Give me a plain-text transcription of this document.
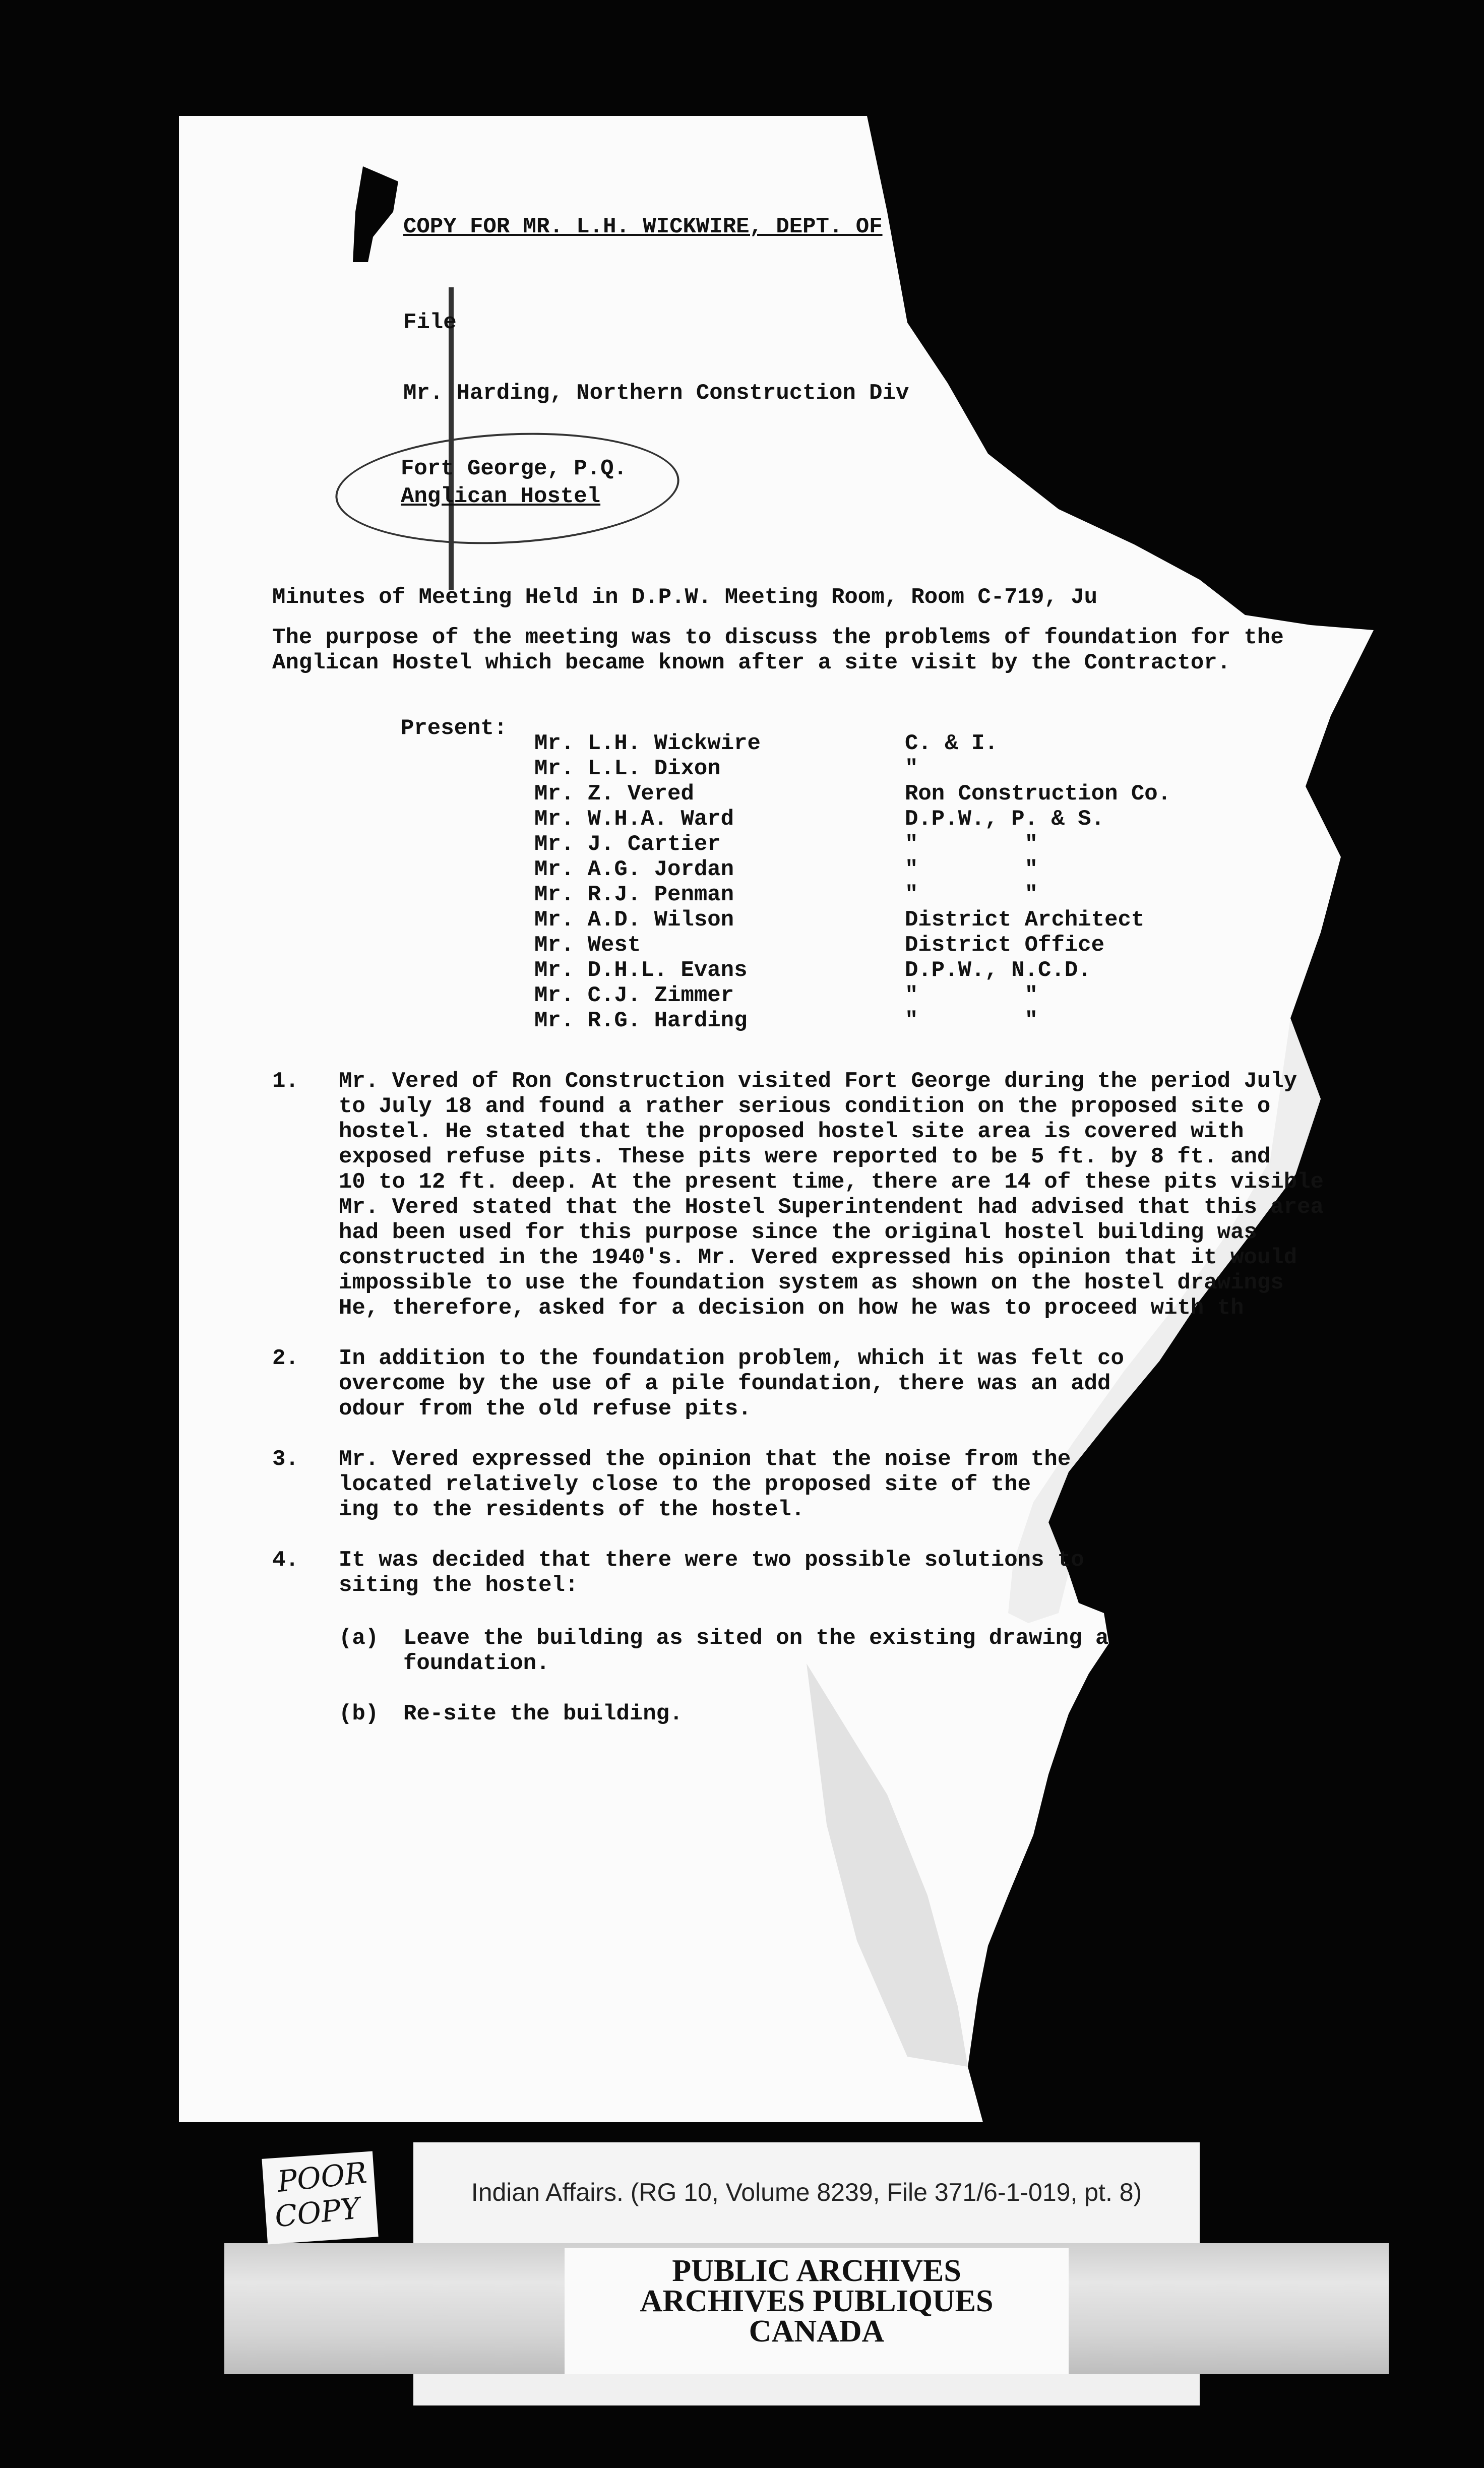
COPY FOR MR. L.H. WICKWIRE, DEPT. OF
File
Mr. Harding, Northern Construction Div
Fort George, P.Q.
Anglican Hostel
Minutes of Meeting Held in D.P.W. Meeting Room, Room C-719, Ju
The purpose of the meeting was to discuss the problems of foundation for the
Anglican Hostel which became known after a site visit by the Contractor.
Present:
Mr. L.H. Wickwire	C. & I.
Mr. L.L. Dixon	"
Mr. Z. Vered	Ron Construction Co.
Mr. W.H.A. Ward	D.P.W., P. & S.
Mr. J. Cartier	"        "
Mr. A.G. Jordan	"        "
Mr. R.J. Penman	"        "
Mr. A.D. Wilson	District Architect
Mr. West	District Office
Mr. D.H.L. Evans	D.P.W., N.C.D.
Mr. C.J. Zimmer	"        "
Mr. R.G. Harding	"        "
1. Mr. Vered of Ron Construction visited Fort George during the period July
to July 18 and found a rather serious condition on the proposed site o
hostel. He stated that the proposed hostel site area is covered with
exposed refuse pits. These pits were reported to be 5 ft. by 8 ft. and
10 to 12 ft. deep. At the present time, there are 14 of these pits visible
Mr. Vered stated that the Hostel Superintendent had advised that this area
had been used for this purpose since the original hostel building was
constructed in the 1940's. Mr. Vered expressed his opinion that it would
impossible to use the foundation system as shown on the hostel drawings
He, therefore, asked for a decision on how he was to proceed with th
2. In addition to the foundation problem, which it was felt co
overcome by the use of a pile foundation, there was an add
odour from the old refuse pits.
3. Mr. Vered expressed the opinion that the noise from the
located relatively close to the proposed site of the
ing to the residents of the hostel.
4. It was decided that there were two possible solutions to
siting the hostel:
(a) Leave the building as sited on the existing drawing a
foundation.
(b) Re-site the building.
Indian Affairs. (RG 10, Volume 8239, File 371/6-1-019, pt. 8)
PUBLIC ARCHIVES
ARCHIVES PUBLIQUES
CANADA
POOR
COPY
